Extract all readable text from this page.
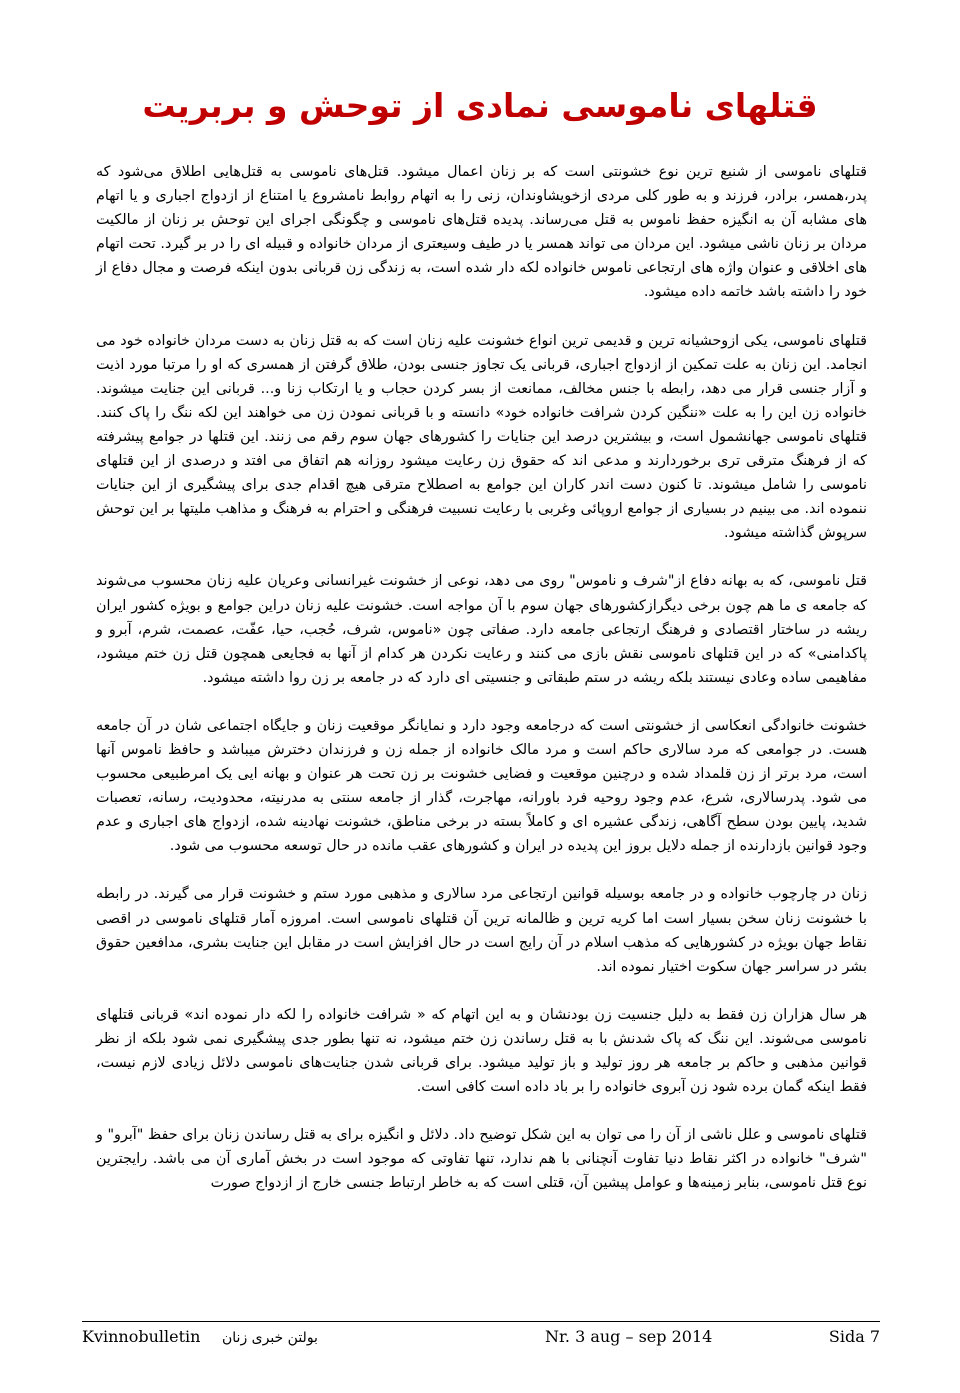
قتلهای ناموسی نمادی از توحش و بربریت

قتلهای ناموسی از شنیع ترین نوع خشونتی است که بر زنان اعمال میشود. قتل‌های ناموسی به قتل‌هایی اطلاق می‌شود که پدر،همسر، برادر، فرزند و به طور کلی مردی ازخویشاوندان، زنی را به اتهام روابط نامشروع یا امتناع از ازدواج اجباری و یا اتهام های مشابه آن به انگیزه حفظ ناموس به قتل می‌رساند. پدیده قتل‌های ناموسی و چگونگی اجرای این توحش بر زنان از مالکیت مردان بر زنان ناشی میشود. این مردان می تواند همسر یا در طیف وسیعتری از مردان خانواده و قبیله ای را در بر گیرد. تحت اتهام های اخلاقی و عنوان واژه های ارتجاعی ناموس خانواده لکه دار شده است، به زندگی زن قربانی بدون اینکه فرصت و مجال دفاع از خود را داشته باشد خاتمه داده میشود.

قتلهای ناموسی، یکی ازوحشیانه ترین و قدیمی ترین انواع خشونت علیه زنان است که به قتل زنان به دست مردان خانواده خود می انجامد. این زنان به علت تمکین از ازدواج اجباری، قربانی یک تجاوز جنسی بودن، طلاق گرفتن از همسری که او را مرتبا مورد اذیت و آزار جنسی قرار می دهد، رابطه با جنس مخالف، ممانعت از بسر کردن حجاب و یا ارتکاب زنا و... قربانی این جنایت میشوند. خانواده زن این را به علت «ننگین کردن شرافت خانواده خود» دانسته و با قربانی نمودن زن می خواهند این لکه ننگ را پاک کنند. قتلهای ناموسی جهانشمول است، و بیشترین درصد این جنایات را کشورهای جهان سوم رقم می زنند. این قتلها در جوامع پیشرفته که از فرهنگ مترقی تری برخوردارند و مدعی اند که حقوق زن رعایت میشود روزانه هم اتفاق می افتد و درصدی از این قتلهای ناموسی را شامل میشوند. تا کنون دست اندر کاران این جوامع به اصطلاح مترقی هیچ اقدام جدی برای پیشگیری از این جنایات ننموده اند. می بینیم در بسیاری از جوامع اروپائی وغربی با رعایت نسبیت فرهنگی و احترام به فرهنگ و مذاهب ملیتها بر این توحش سرپوش گذاشته میشود.

قتل ناموسی، که به بهانه دفاع از"شرف و ناموس" روی می دهد، نوعی از خشونت غیرانسانی وعریان علیه زنان محسوب می‌شوند که جامعه ی ما هم چون برخی دیگرازکشورهای جهان سوم با آن مواجه است. خشونت علیه زنان دراین جوامع و بویژه کشور ایران ریشه در ساختار اقتصادی و فرهنگ ارتجاعی جامعه دارد. صفاتی چون «ناموس، شرف، حُجب، حیا، عفّت، عصمت، شرم، آبرو و پاکدامنی» که در این قتلهای ناموسی نقش بازی می کنند و رعایت نکردن هر کدام از آنها به فجایعی همچون قتل زن ختم میشود، مفاهیمی ساده وعادی نیستند بلکه ریشه در ستم طبقاتی و جنسیتی ای دارد که در جامعه بر زن روا داشته میشود.

خشونت خانوادگی انعکاسی از خشونتی است که درجامعه وجود دارد و نمایانگر موقعیت زنان و جایگاه اجتماعی شان در آن جامعه هست. در جوامعی که مرد سالاری حاکم است و مرد مالک خانواده از جمله زن و فرزندان دخترش میباشد و حافظ ناموس آنها است، مرد برتر از زن قلمداد شده و درچنین موقعیت و فضایی خشونت بر زن تحت هر عنوان و بهانه ایی یک امرطبیعی محسوب می شود. پدرسالاری، شرع، عدم وجود روحیه فرد باورانه، مهاجرت، گذار از جامعه سنتی به مدرنیته، محدودیت، رسانه، تعصبات شدید، پایین بودن سطح آگاهی، زندگی عشیره ای و کاملاً بسته در برخی مناطق، خشونت نهادینه شده، ازدواج های اجباری و عدم وجود قوانین بازدارنده از جمله دلایل بروز این پدیده در ایران و کشورهای عقب مانده در حال توسعه محسوب می شود.

زنان در چارچوب خانواده و در جامعه بوسیله قوانین ارتجاعی مرد سالاری و مذهبی مورد ستم و خشونت قرار می گیرند. در رابطه با خشونت زنان سخن بسیار است اما کریه ترین و ظالمانه ترین آن قتلهای ناموسی است. امروزه آمار قتلهای ناموسی در اقصی نقاط جهان بویژه در کشورهایی که مذهب اسلام در آن رایج است در حال افزایش است در مقابل این جنایت بشری، مدافعین حقوق بشر در سراسر جهان سکوت اختیار نموده اند.

هر سال هزاران زن فقط به دلیل جنسیت زن بودنشان و به این اتهام که « شرافت خانواده را لکه دار نموده اند» قربانی قتلهای ناموسی می‌شوند. این ننگ که پاک شدنش با به قتل رساندن زن ختم میشود، نه تنها بطور جدی پیشگیری نمی شود بلکه از نظر قوانین مذهبی و حاکم بر جامعه هر روز تولید و باز تولید میشود. برای قربانی شدن جنایت‌های ناموسی دلائل زیادی لازم نیست، فقط اینکه گمان برده شود زن آبروی خانواده را بر باد داده است کافی است.

قتلهای ناموسی و علل ناشی از آن را می توان به این شکل توضیح داد. دلائل و انگیزه برای به قتل رساندن زنان برای حفظ "آبرو" و "شرف" خانواده در اکثر نقاط دنیا تفاوت آنچنانی با هم ندارد، تنها تفاوتی که موجود است در بخش آماری آن می باشد. رایجترین نوع قتل ناموسی، بنابر زمینه‌ها و عوامل پیشین آن، قتلی است که به خاطر ارتباط جنسی خارج از ازدواج صورت

Kvinnobulletin بولتن خبری زنان	Nr. 3 aug – sep 2014	Sida 7
